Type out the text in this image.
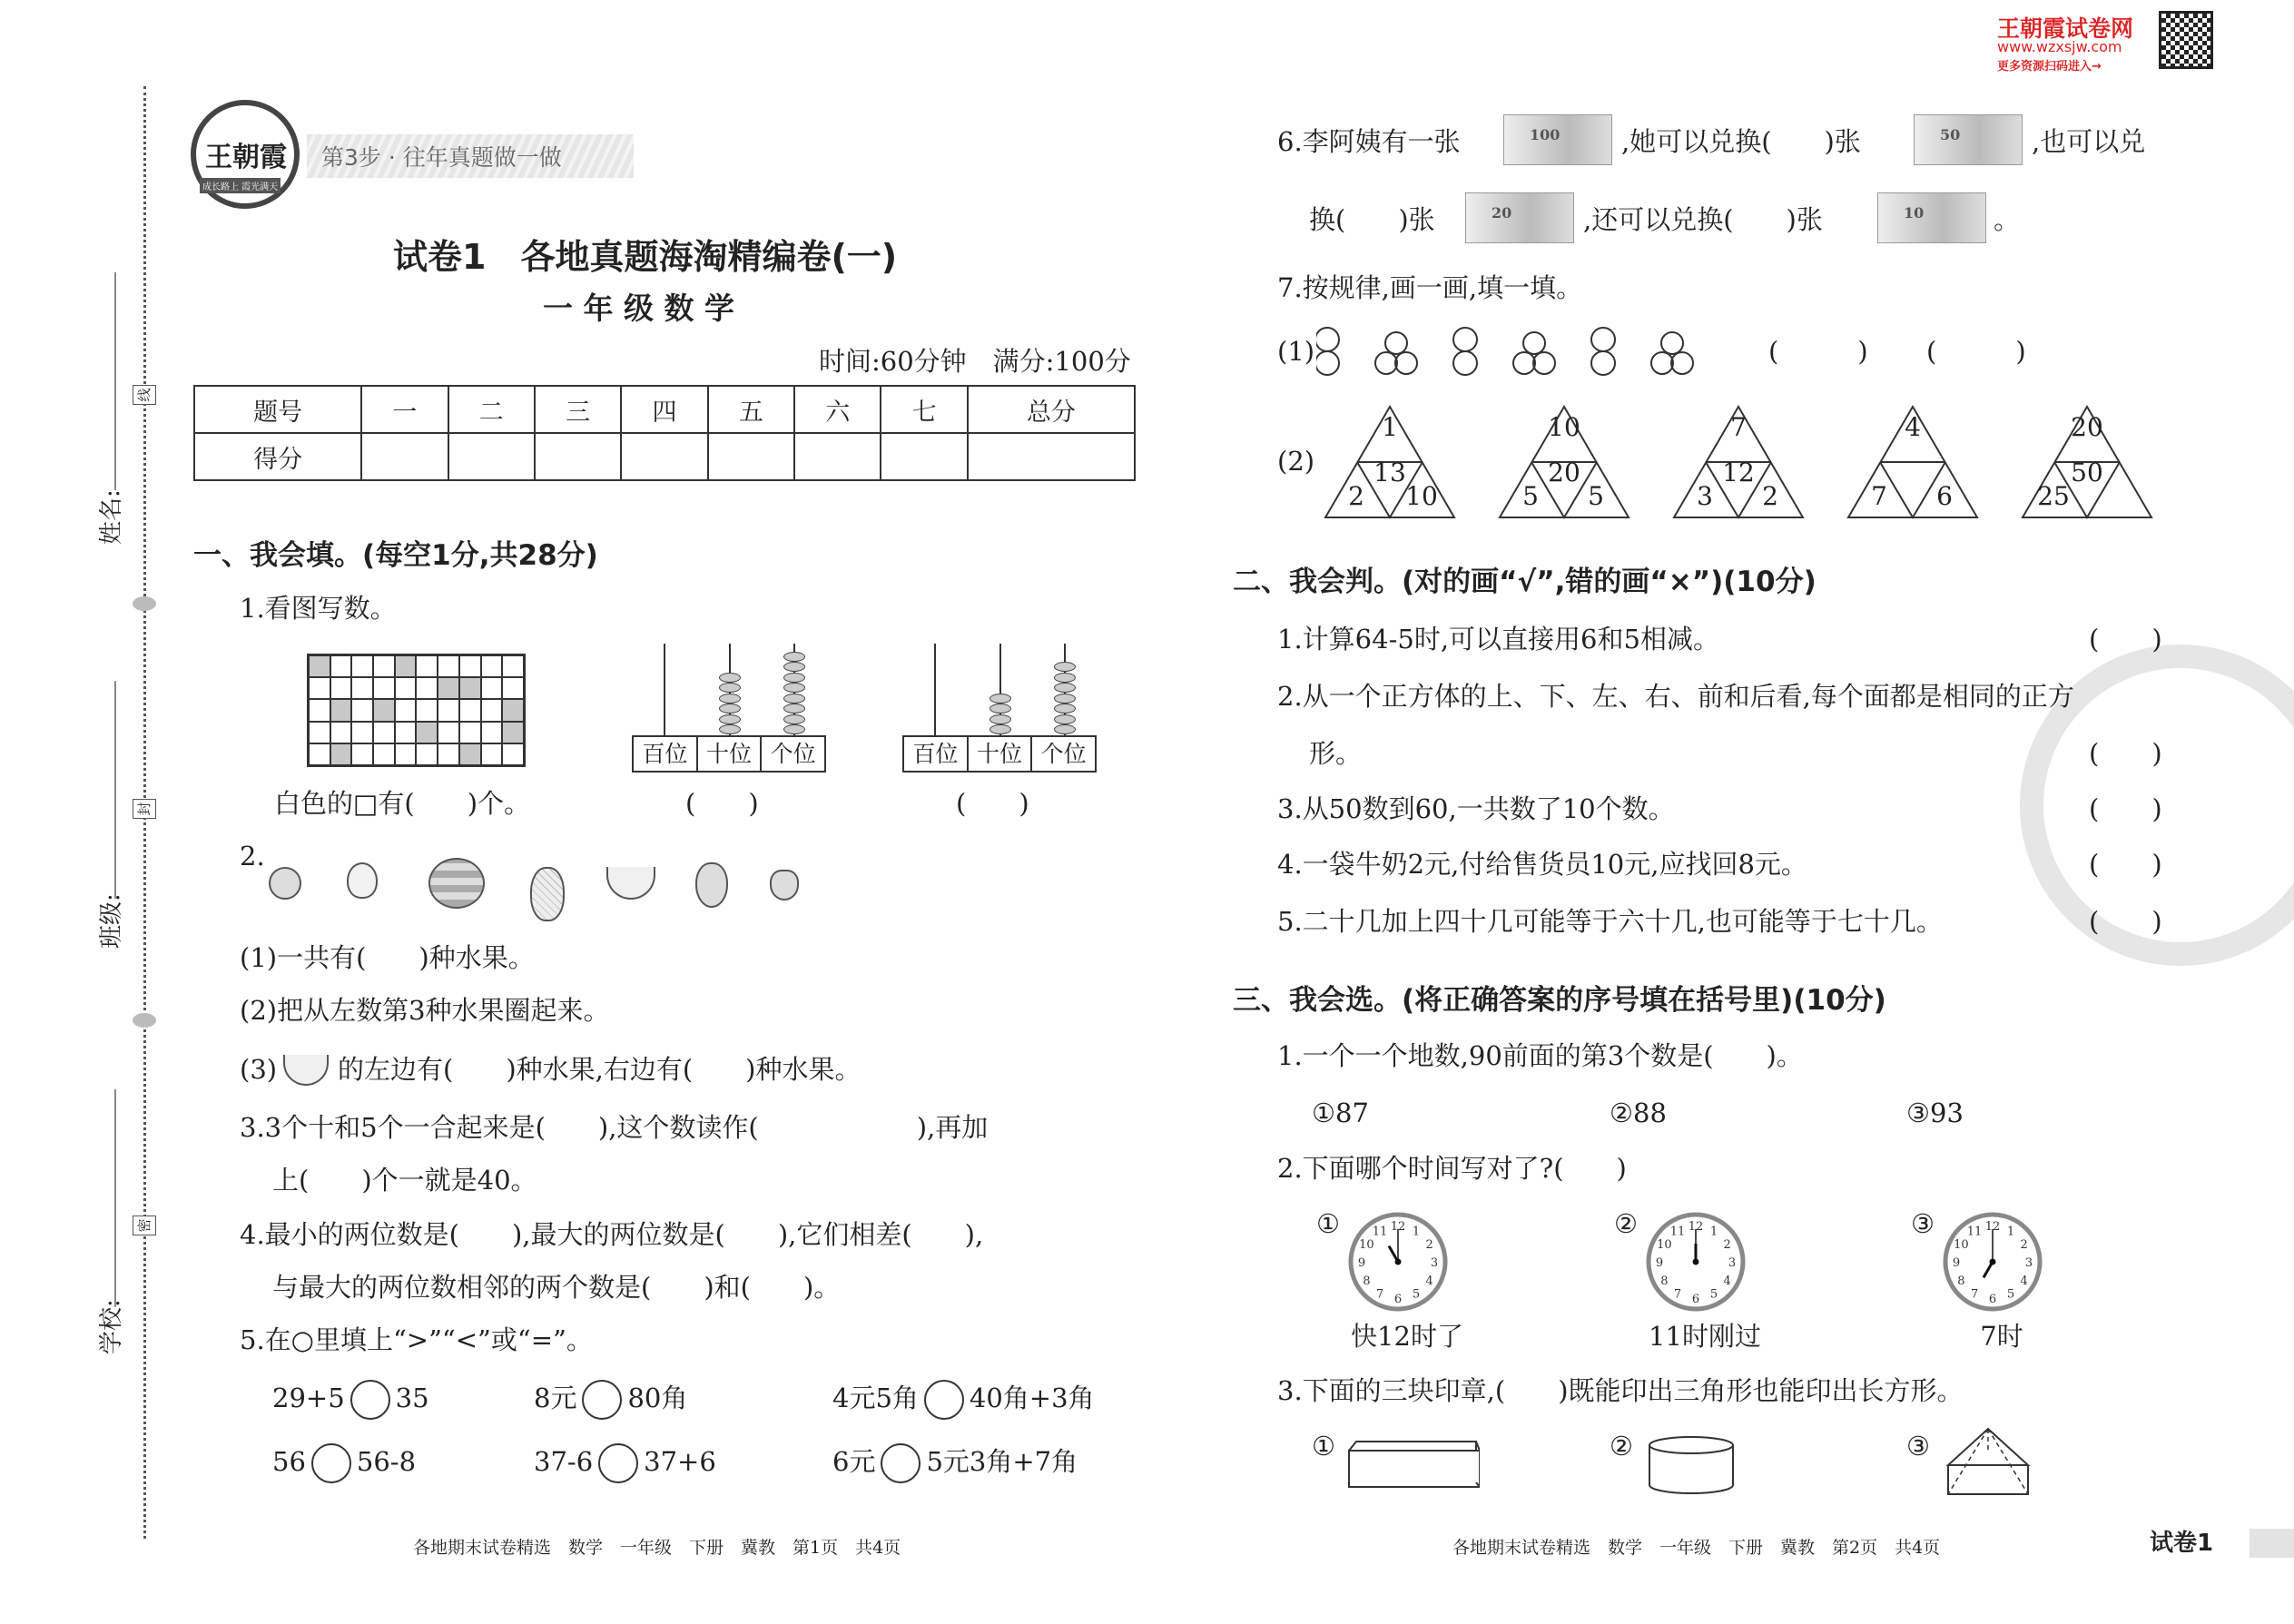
姓名:
班级:
学校:
线
封
密

王朝霞

成长路上 霞光满天

第3步 · 往年真题做一做
王朝霞试卷网
www.wzxsjw.com
更多资源扫码进入→
试卷1　各地真题海淘精编卷(一)
一 年 级 数 学
时间:60分钟　满分:100分
题号	一	二	三	四	五	六	七	总分
得分								
一、我会填。(每空1分,共28分)
1.看图写数。
百位 十位 个位	百位 十位 个位
白色的□有(　　)个。	(　　)	(　　)
2.
(1)一共有(　　)种水果。
(2)把从左数第3种水果圈起来。
(3) 的左边有(　　)种水果,右边有(　　)种水果。
3.3个十和5个一合起来是(　　),这个数读作(　　　　　　),再加
上(　　)个一就是40。
4.最小的两位数是(　　),最大的两位数是(　　),它们相差(　　),
与最大的两位数相邻的两个数是(　　)和(　　)。
5.在○里填上“>”“<”或“=”。
29+5 35	8元 80角	4元5角 40角+3角
56 56-8	37-6 37+6	6元 5元3角+7角
各地期末试卷精选　数学　一年级　下册　冀教　第1页　共4页
6.李阿姨有一张	100	,她可以兑换(　　)张	50	,也可以兑
换(　　)张	20	,还可以兑换(　　)张	10	。
7.按规律,画一画,填一填。
(1)	(　　　) (　　　)
(2)
1
13
2	10
10
20
5	5
7
12
3	2
4
7	6
20
50
25
二、我会判。(对的画“√”,错的画“×”)(10分)
1.计算64-5时,可以直接用6和5相减。	(　　)
2.从一个正方体的上、下、左、右、前和后看,每个面都是相同的正方
形。	(　　)
3.从50数到60,一共数了10个数。	(　　)
4.一袋牛奶2元,付给售货员10元,应找回8元。	(　　)
5.二十几加上四十几可能等于六十几,也可能等于七十几。	(　　)
三、我会选。(将正确答案的序号填在括号里)(10分)
1.一个一个地数,90前面的第3个数是(　　)。
①87	②88	③93
2.下面哪个时间写对了?(　　)
①	1
2
3
4
5
6
7
8
9
10
11 12
快12时了
②	1
2
3
4
5
6
7
8
9
10
11 12
11时刚过
③	1
2
3
4
5
6
7
8
9
10
11 12
7时
3.下面的三块印章,(　　)既能印出三角形也能印出长方形。
①	②	③
各地期末试卷精选　数学　一年级　下册　冀教　第2页　共4页	试卷1
